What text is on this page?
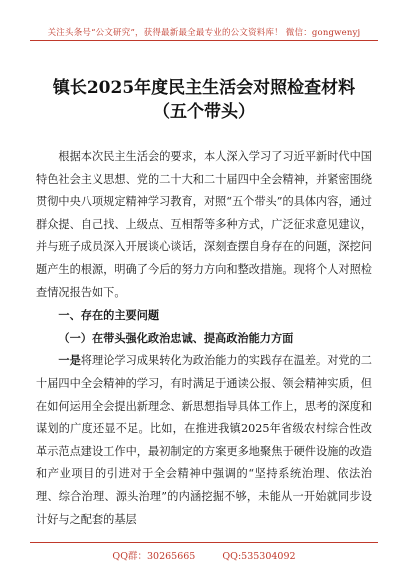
关注头条号“公文研究”，获得最新最全最专业的公文资料库！ 微信：gongwenyj
镇长2025年度民主生活会对照检查材料
（五个带头）

根据本次民主生活会的要求，本人深入学习了习近平新时代中国特色社会主义思想、党的二十大和二十届四中全会精神，并紧密围绕贯彻中央八项规定精神学习教育，对照“五个带头”的具体内容，通过群众提、自己找、上级点、互相帮等多种方式，广泛征求意见建议，并与班子成员深入开展谈心谈话，深刻查摆自身存在的问题，深挖问题产生的根源，明确了今后的努力方向和整改措施。现将个人对照检查情况报告如下。

一、存在的主要问题

（一）在带头强化政治忠诚、提高政治能力方面

一是将理论学习成果转化为政治能力的实践存在温差。对党的二十届四中全会精神的学习，有时满足于通读公报、领会精神实质，但在如何运用全会提出新理念、新思想指导具体工作上，思考的深度和谋划的广度还显不足。比如，在推进我镇2025年省级农村综合性改革示范点建设工作中，最初制定的方案更多地聚焦于硬件设施的改造和产业项目的引进对于全会精神中强调的“坚持系统治理、依法治理、综合治理、源头治理”的内涵挖掘不够，未能从一开始就同步设计好与之配套的基层

QQ群：30265665	QQ:535304092
